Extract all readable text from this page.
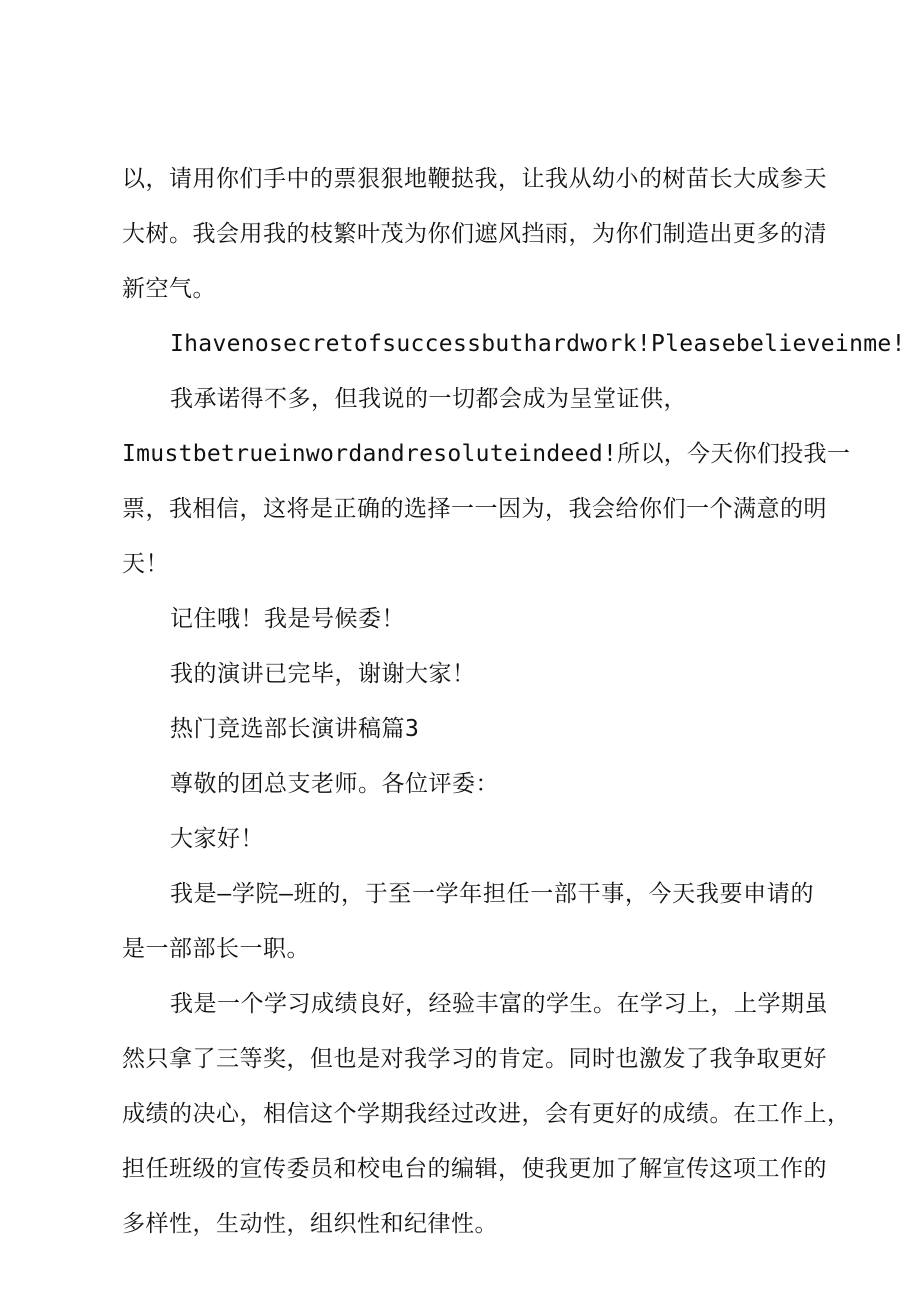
以 ， 请 用 你 们 手 中 的 票 狠 狠 地 鞭 挞 我 ， 让 我 从 幼 小 的 树 苗 长 大 成 参 天
大 树 。 我 会 用 我 的 枝 繁 叶 茂 为 你 们 遮 风 挡 雨 ， 为 你 们 制 造 出 更 多 的 清
新空气。
Ihavenosecretofsuccessbuthardwork!Pleasebelieveinme!
我承诺得不多，但我说的一切都会成为呈堂证供，
Imustbetrueinwordandresoluteindeed!所以，今天你们投我一
票 ， 我 相 信 ， 这 将 是 正 确 的 选 择 一 一 因 为 ， 我 会 给 你 们 一 个 满 意 的 明
天！
记住哦！我是号候委！
我的演讲已完毕，谢谢大家！
热门竞选部长演讲稿篇3
尊敬的团总支老师。各位评委：
大家好！
我 是 — 学 院 — 班 的 ， 于 至 一 学 年 担 任 一 部 干 事 ， 今 天 我 要 申 请 的
是一部部长一职。
我 是 一 个 学 习 成 绩 良 好 ， 经 验 丰 富 的 学 生 。 在 学 习 上 ， 上 学 期 虽
然 只 拿 了 三 等 奖 ， 但 也 是 对 我 学 习 的 肯 定 。 同 时 也 激 发 了 我 争 取 更 好
成 绩 的 决 心 ， 相 信 这 个 学 期 我 经 过 改 进 ， 会 有 更 好 的 成 绩 。 在 工 作 上 ，
担 任 班 级 的 宣 传 委 员 和 校 电 台 的 编 辑 ， 使 我 更 加 了 解 宣 传 这 项 工 作 的
多样性，生动性，组织性和纪律性。
